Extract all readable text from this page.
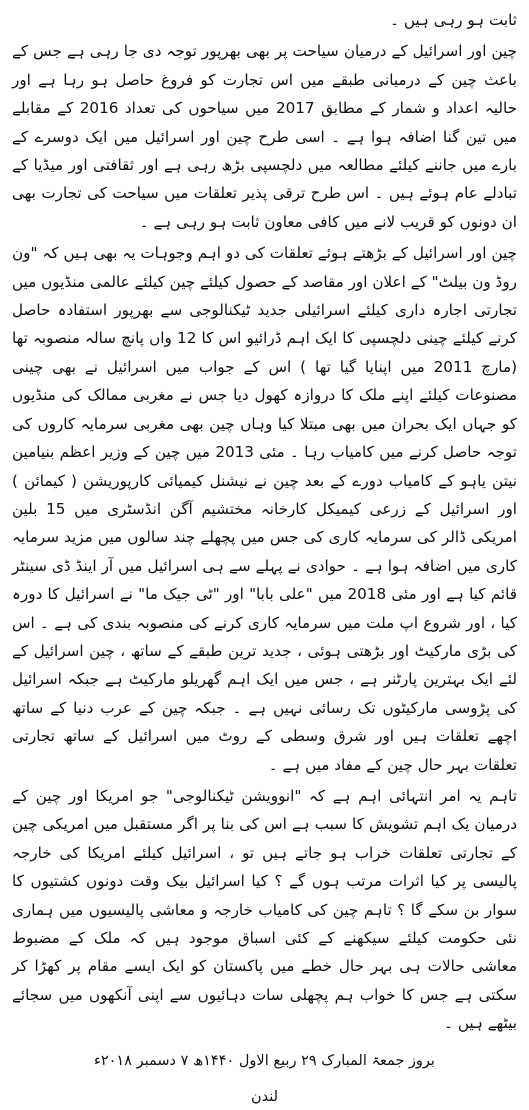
ثابت ہو رہی ہیں ۔

چین اور اسرائیل کے درمیان سیاحت پر بھی بھرپور توجہ دی جا رہی ہے جس کے باعث چین کے درمیانی طبقے میں اس تجارت کو فروغ حاصل ہو رہا ہے اور حالیہ اعداد و شمار کے مطابق 2017 میں سیاحوں کی تعداد 2016 کے مقابلے میں تین گنا اضافہ ہوا ہے ۔ اسی طرح چین اور اسرائیل میں ایک دوسرے کے بارے میں جاننے کیلئے مطالعہ میں دلچسپی بڑھ رہی ہے اور ثقافتی اور میڈیا کے تبادلے عام ہوئے ہیں ۔ اس طرح ترقی پذیر تعلقات میں سیاحت کی تجارت بھی ان دونوں کو قریب لانے میں کافی معاون ثابت ہو رہی ہے ۔

چین اور اسرائیل کے بڑھتے ہوئے تعلقات کی دو اہم وجوہات یہ بھی ہیں کہ "ون روڈ ون بیلٹ" کے اعلان اور مقاصد کے حصول کیلئے چین کیلئے عالمی منڈیوں میں تجارتی اجارہ داری کیلئے اسرائیلی جدید ٹیکنالوجی سے بھرپور استفادہ حاصل کرنے کیلئے چینی دلچسپی کا ایک اہم ڈرائیو اس کا 12 واں پانچ سالہ منصوبہ تھا (مارچ 2011 میں اپنایا گیا تھا ) اس کے جواب میں اسرائیل نے بھی چینی مصنوعات کیلئے اپنے ملک کا دروازہ کھول دیا جس نے مغربی ممالک کی منڈیوں کو جہاں ایک بحران میں بھی مبتلا کیا وہاں چین بھی مغربی سرمایہ کاروں کی توجہ حاصل کرنے میں کامیاب رہا ۔ مئی 2013 میں چین کے وزیر اعظم بنیامین نیتن یاہو کے کامیاب دورے کے بعد چین نے نیشنل کیمیائی کارپوریشن ( کیمائن ) اور اسرائیل کے زرعی کیمیکل کارخانہ مختشیم آگن انڈسٹری میں 15 بلین امریکی ڈالر کی سرمایہ کاری کی جس میں پچھلے چند سالوں میں مزید سرمایہ کاری میں اضافہ ہوا ہے ۔ حوادی نے پہلے سے ہی اسرائیل میں آر اینڈ ڈی سینٹر قائم کیا ہے اور مئی 2018 میں "علی بابا" اور "ٹی جیک ما" نے اسرائیل کا دورہ کیا ، اور شروع اپ ملت میں سرمایہ کاری کرنے کی منصوبہ بندی کی ہے ۔ اس کی بڑی مارکیٹ اور بڑھتی ہوئی ، جدید ترین طبقے کے ساتھ ، چین اسرائیل کے لئے ایک بہترین پارٹنر ہے ، جس میں ایک اہم گھریلو مارکیٹ ہے جبکہ اسرائیل کی پڑوسی مارکیٹوں تک رسائی نہیں ہے ۔ جبکہ چین کے عرب دنیا کے ساتھ اچھے تعلقات ہیں اور شرق وسطی کے روٹ میں اسرائیل کے ساتھ تجارتی تعلقات بہر حال چین کے مفاد میں ہے ۔

تاہم یہ امر انتہائی اہم ہے کہ "انوویشن ٹیکنالوجی" جو امریکا اور چین کے درمیان یک اہم تشویش کا سبب ہے اس کی بنا پر اگر مستقبل میں امریکی چین کے تجارتی تعلقات خراب ہو جاتے ہیں تو ، اسرائیل کیلئے امریکا کی خارجہ پالیسی پر کیا اثرات مرتب ہوں گے ؟ کیا اسرائیل بیک وقت دونوں کشتیوں کا سوار بن سکے گا ؟ تاہم چین کی کامیاب خارجہ و معاشی پالیسیوں میں ہماری نئی حکومت کیلئے سیکھنے کے کئی اسباق موجود ہیں کہ ملک کے مضبوط معاشی حالات ہی بہر حال خطے میں پاکستان کو ایک ایسے مقام پر کھڑا کر سکتی ہے جس کا خواب ہم پچھلی سات دہائیوں سے اپنی آنکھوں میں سجائے بیٹھے ہیں ۔

بروز جمعۃ المبارک ۲۹ ربیع الاول ۱۴۴۰ھ ۷ دسمبر ۲۰۱۸ء
لندن
